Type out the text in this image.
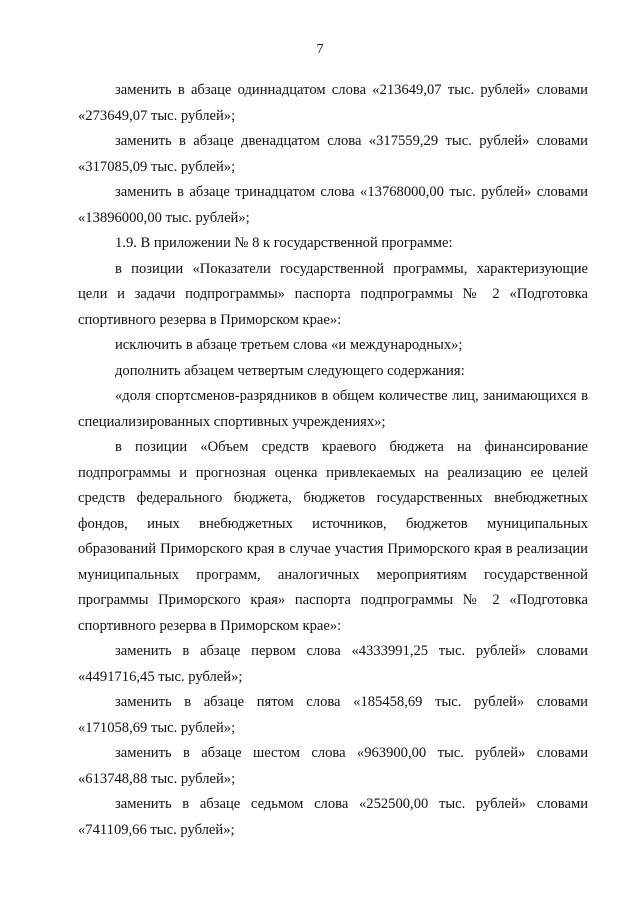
7

заменить в абзаце одиннадцатом слова «213649,07 тыс. рублей» словами «273649,07 тыс. рублей»;

заменить в абзаце двенадцатом слова «317559,29 тыс. рублей» словами «317085,09 тыс. рублей»;

заменить в абзаце тринадцатом слова «13768000,00 тыс. рублей» словами «13896000,00 тыс. рублей»;

1.9. В приложении № 8 к государственной программе:

в позиции «Показатели государственной программы, характеризующие цели и задачи подпрограммы» паспорта подпрограммы № 2 «Подготовка спортивного резерва в Приморском крае»:

исключить в абзаце третьем слова «и международных»;

дополнить абзацем четвертым следующего содержания:

«доля спортсменов-разрядников в общем количестве лиц, занимающихся в специализированных спортивных учреждениях»;

в позиции «Объем средств краевого бюджета на финансирование подпрограммы и прогнозная оценка привлекаемых на реализацию ее целей средств федерального бюджета, бюджетов государственных внебюджетных фондов, иных внебюджетных источников, бюджетов муниципальных образований Приморского края в случае участия Приморского края в реализации муниципальных программ, аналогичных мероприятиям государственной программы Приморского края» паспорта подпрограммы № 2 «Подготовка спортивного резерва в Приморском крае»:

заменить в абзаце первом слова «4333991,25 тыс. рублей» словами «4491716,45 тыс. рублей»;

заменить в абзаце пятом слова «185458,69 тыс. рублей» словами «171058,69 тыс. рублей»;

заменить в абзаце шестом слова «963900,00 тыс. рублей» словами «613748,88 тыс. рублей»;

заменить в абзаце седьмом слова «252500,00 тыс. рублей» словами «741109,66 тыс. рублей»;
